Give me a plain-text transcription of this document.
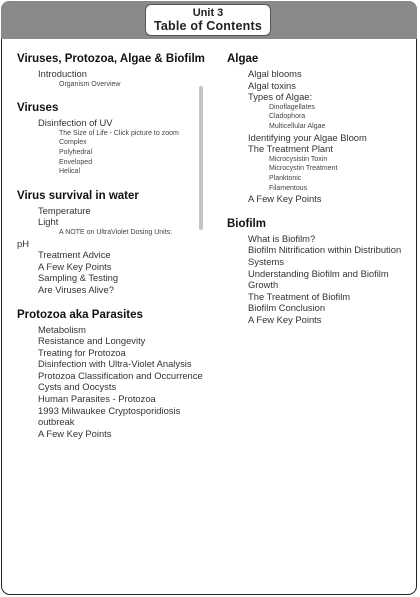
Unit 3
Table of Contents
Viruses, Protozoa, Algae & Biofilm
Introduction
Organism Overview
Viruses
Disinfection of UV
The Size of Life - Click picture to zoom
Complex
Polyhedral
Enveloped
Helical
Virus survival in water
Temperature
Light
A NOTE on UltraViolet Dosing Units:
pH
Treatment Advice
A Few Key Points
Sampling & Testing
Are Viruses Alive?
Protozoa aka Parasites
Metabolism
Resistance and Longevity
Treating for Protozoa
Disinfection with Ultra-Violet Analysis
Protozoa Classification and Occurrence
Cysts and Oocysts
Human Parasites - Protozoa
1993 Milwaukee Cryptosporidiosis outbreak
A Few Key Points
Algae
Algal blooms
Algal toxins
Types of Algae:
Dinoflagellates
Cladophora
Multicellular Algae
Identifying your Algae Bloom
The Treatment Plant
Microcysistin Toxin
Microcystin Treatment
Planktonic
Filamentous
A Few Key Points
Biofilm
What is Biofilm?
Biofilm Nitrification within Distribution Systems
Understanding Biofilm and Biofilm Growth
The Treatment of Biofilm
Biofilm Conclusion
A Few Key Points
